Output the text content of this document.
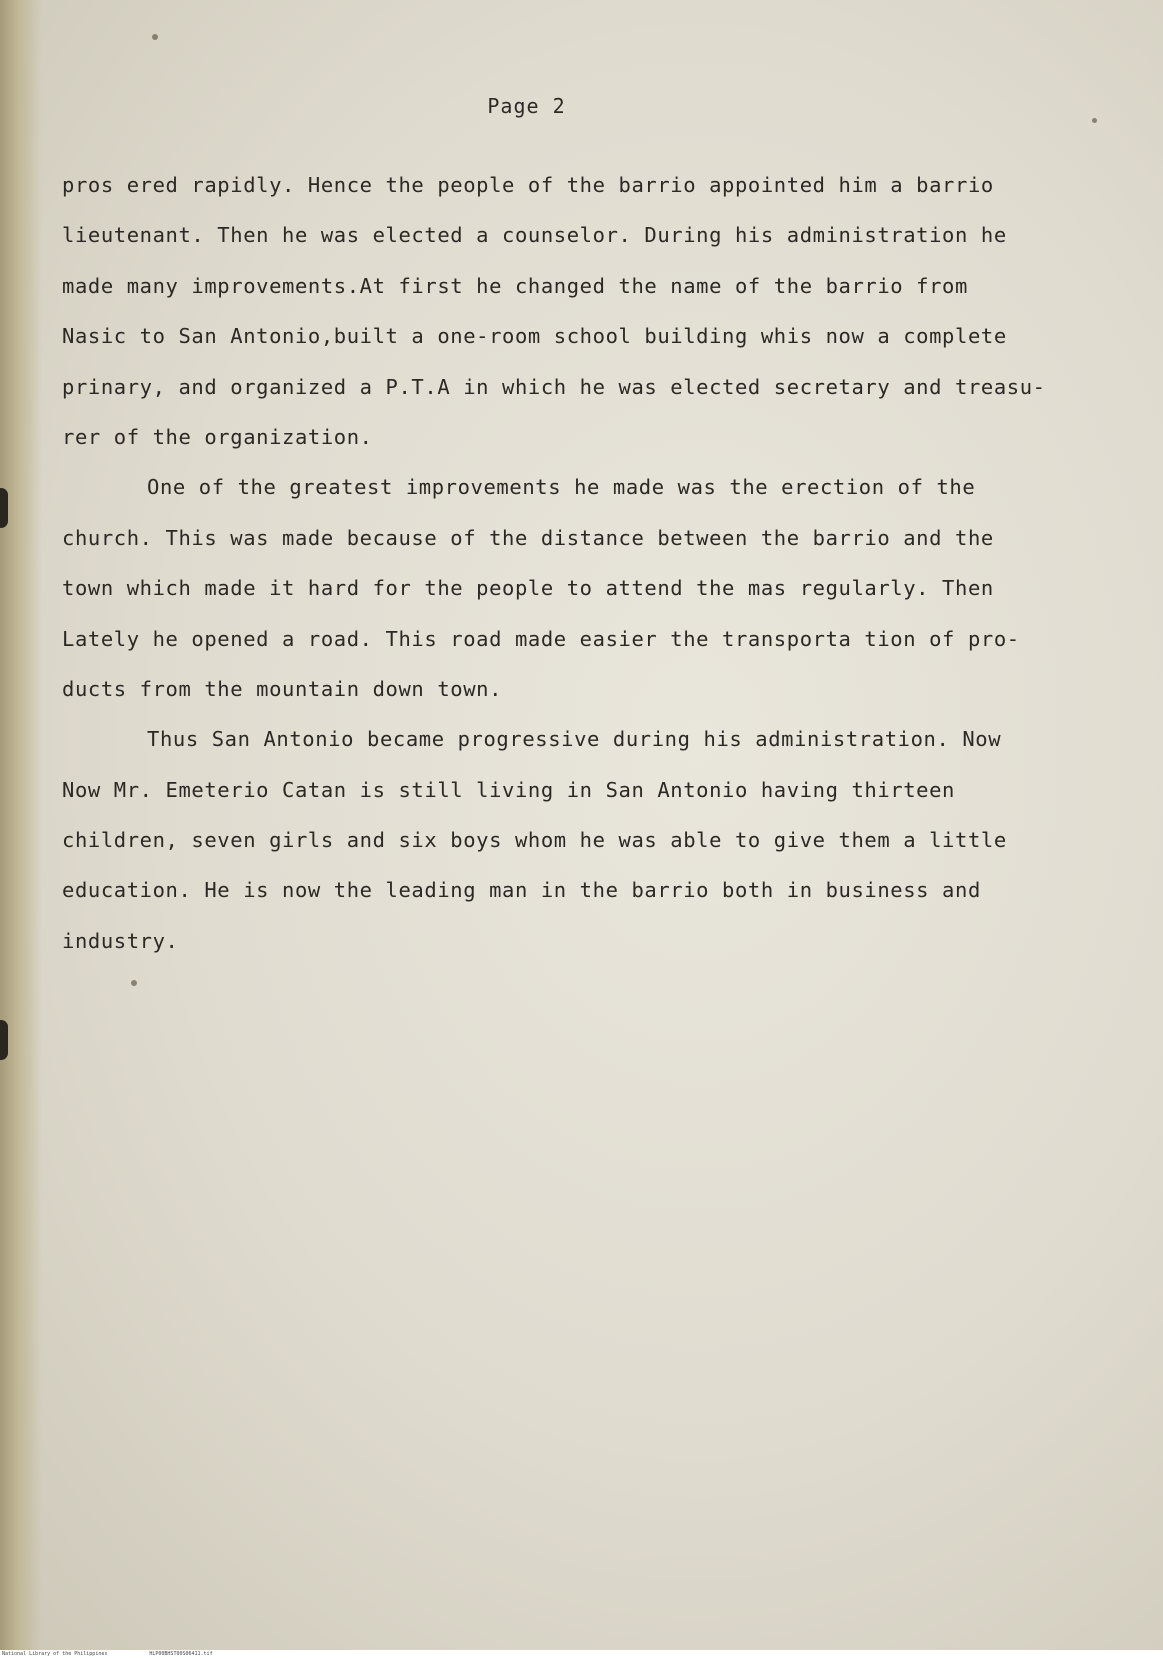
Page 2
pros ered rapidly. Hence the people of the barrio appointed him a barrio
lieutenant. Then he was elected a counselor. During his administration he
made many improvements.At first he changed the name of the barrio from
Nasic to San Antonio,built a one-room school building whis now a complete
prinary, and organized a P.T.A in which he was elected secretary and treasu-
rer of the organization.
One of the greatest improvements he made was the erection of the
church. This was made because of the distance between the barrio and the
town which made it hard for the people to attend the mas regularly. Then
Lately he opened a road. This road made easier the transporta tion of pro-
ducts from the mountain down town.
Thus San Antonio became progressive during his administration. Now
Now Mr. Emeterio Catan is still living in San Antonio having thirteen
children, seven girls and six boys whom he was able to give them a little
education. He is now the leading man in the barrio both in business and
industry.
National Library of the Philippines	HLP00BHST00S06411.tif
